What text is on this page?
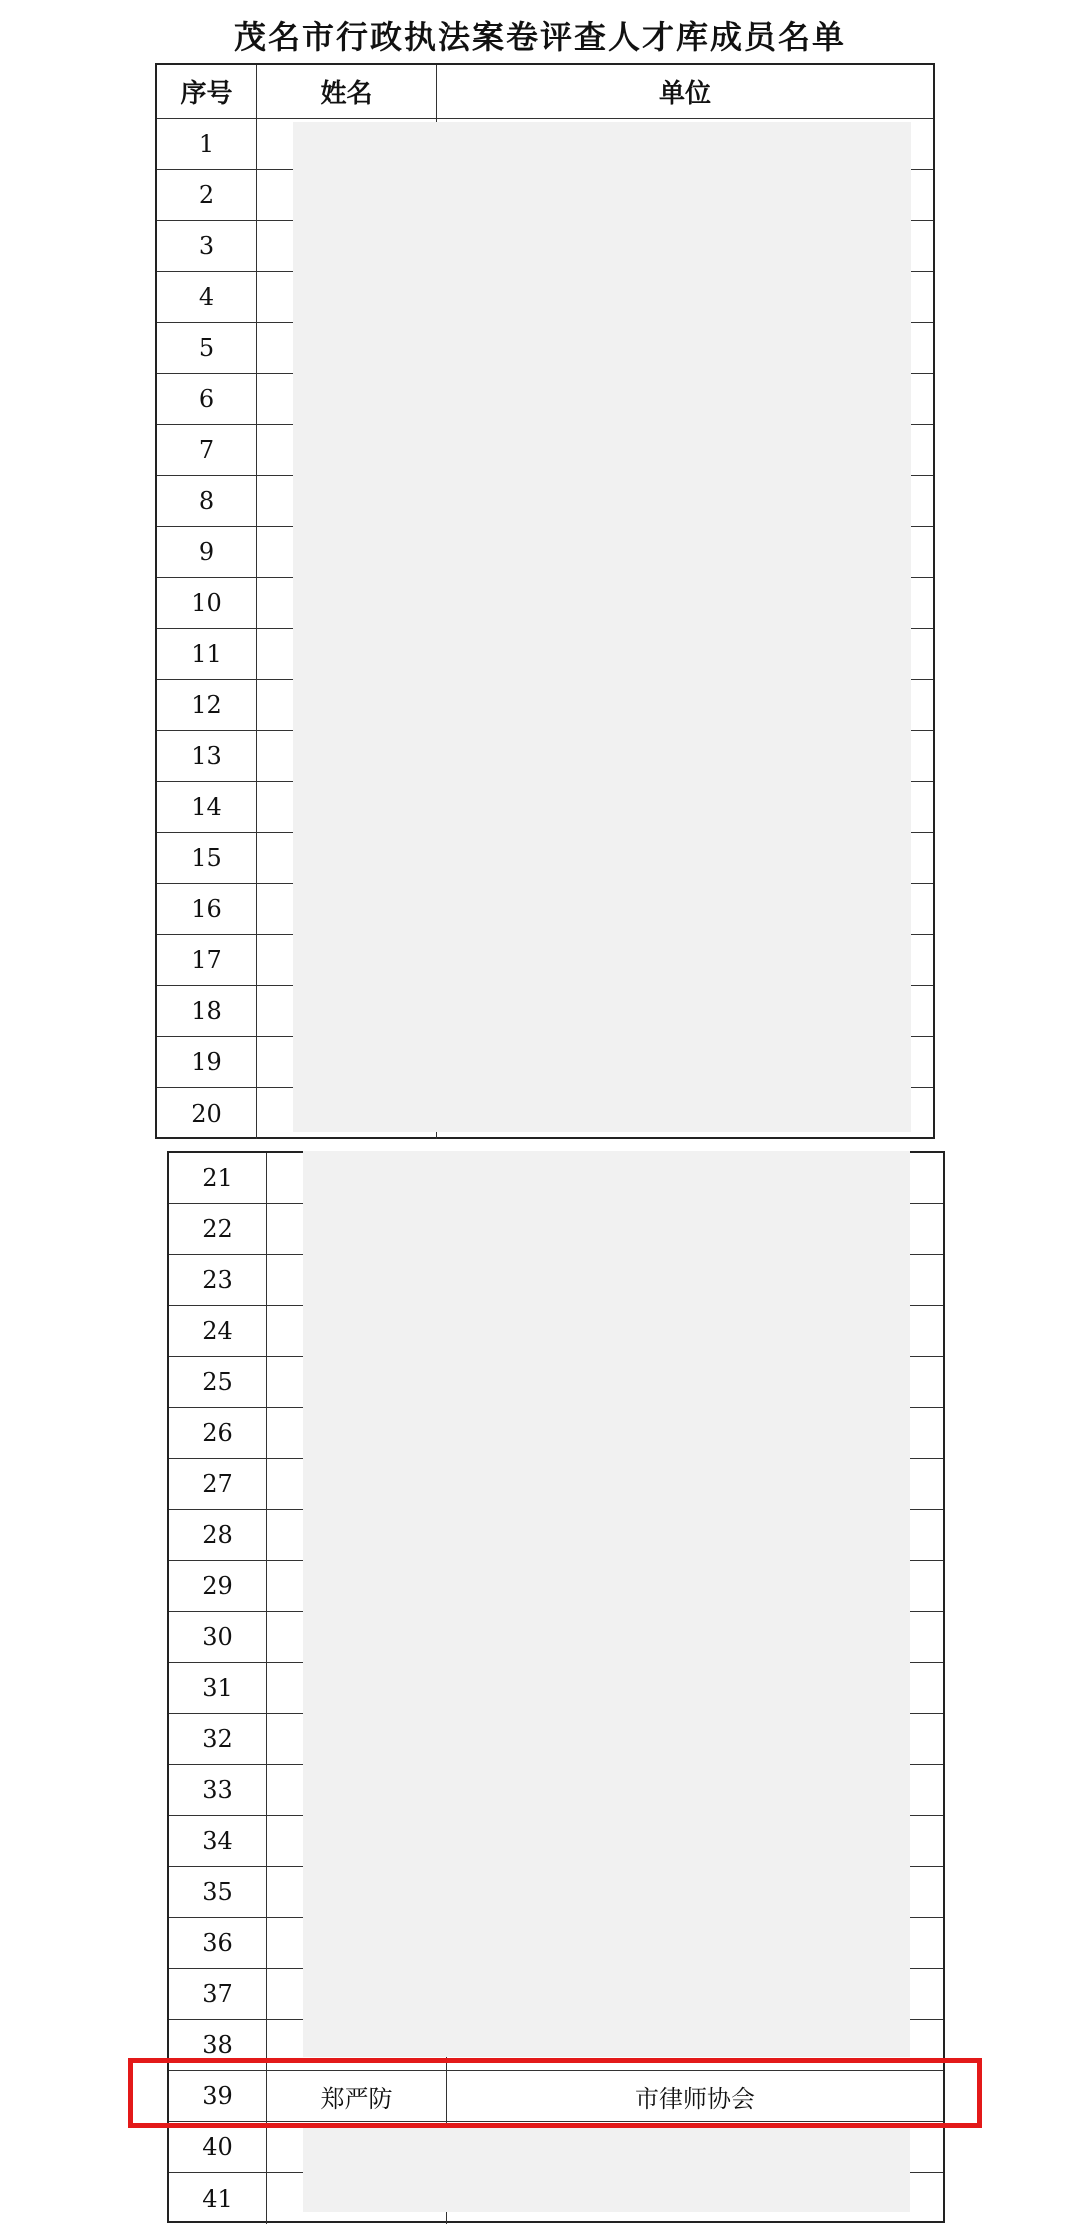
茂名市行政执法案卷评查人才库成员名单
序号	姓名	单位
1
2
3
4
5
6
7
8
9
10
11
12
13
14
15
16
17
18
19
20
21
22
23
24
25
26
27
28
29
30
31
32
33
34
35
36
37
38
39	郑严防	市律师协会
40
41
